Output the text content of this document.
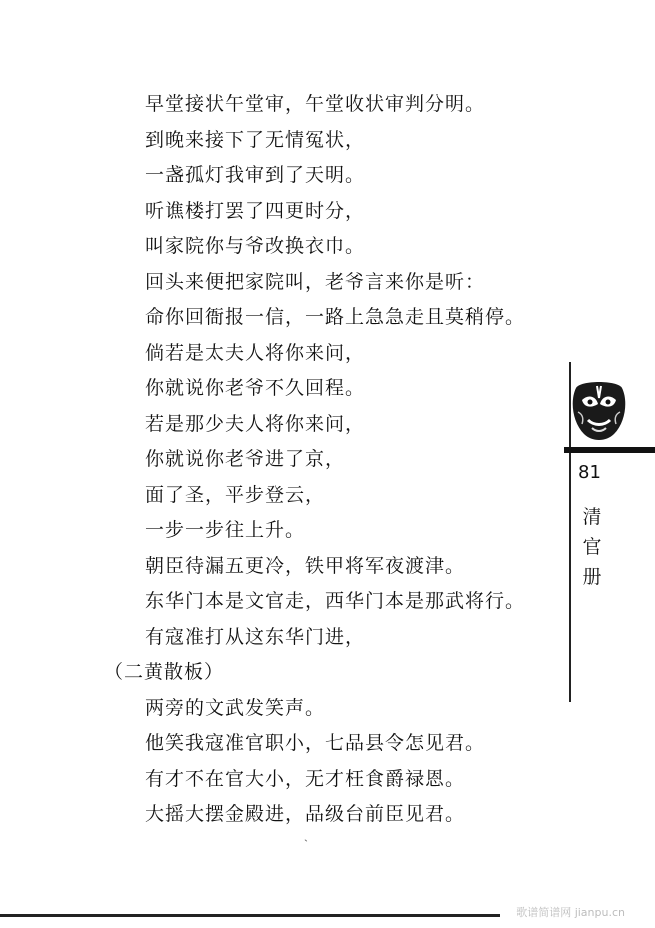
早堂接状午堂审，午堂收状审判分明。
到晚来接下了无情冤状，
一盏孤灯我审到了天明。
听谯楼打罢了四更时分，
叫家院你与爷改换衣巾。
回头来便把家院叫，老爷言来你是听：
命你回衙报一信，一路上急急走且莫稍停。
倘若是太夫人将你来问，
你就说你老爷不久回程。
若是那少夫人将你来问，
你就说你老爷进了京，
面了圣，平步登云，
一步一步往上升。
朝臣待漏五更冷，铁甲将军夜渡津。
东华门本是文官走，西华门本是那武将行。
有寇准打从这东华门进，
（二黄散板）
两旁的文武发笑声。
他笑我寇准官职小，七品县令怎见君。
有才不在官大小，无才枉食爵禄恩。
大摇大摆金殿进，品级台前臣见君。
81
清官册
ˎ
歌谱简谱网 jianpu.cn
